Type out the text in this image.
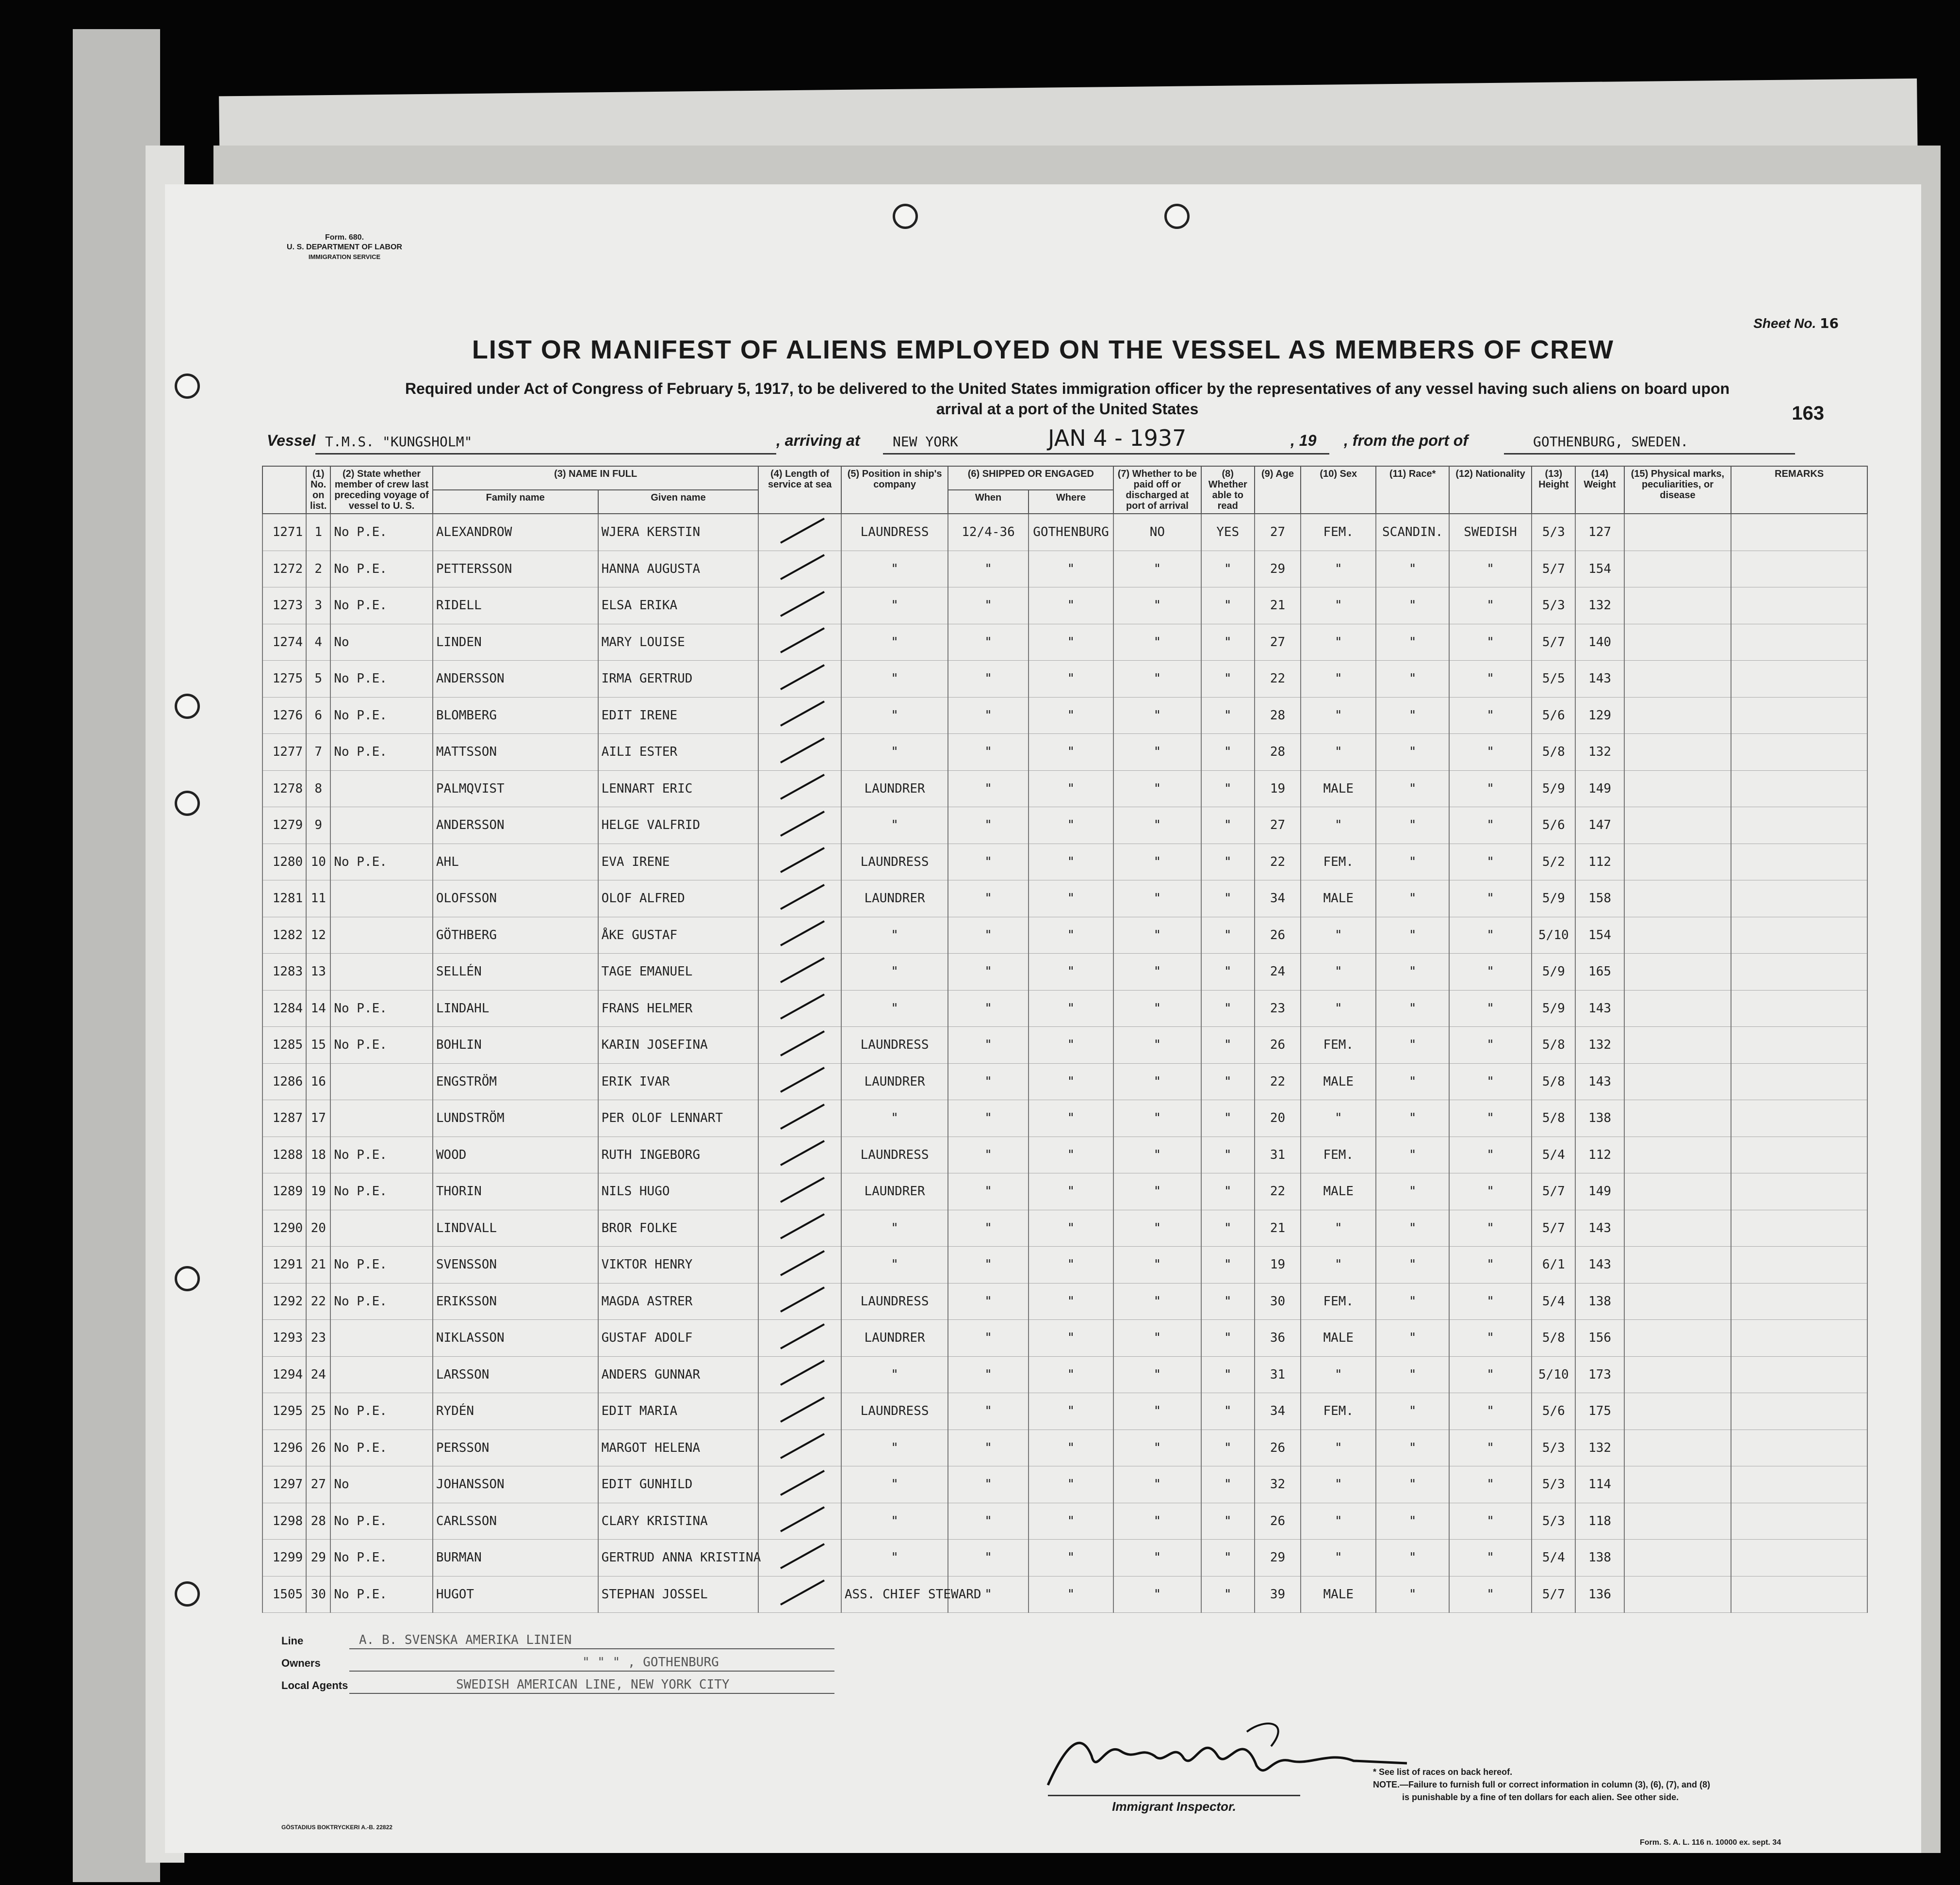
Form. 680.
U. S. DEPARTMENT OF LABOR
IMMIGRATION SERVICE
Sheet No. 16
LIST OR MANIFEST OF ALIENS EMPLOYED ON THE VESSEL AS MEMBERS OF CREW
Required under Act of Congress of February 5, 1917, to be delivered to the United States immigration officer by the representatives of any vessel having such aliens on board upon
arrival at a port of the United States	163
Vessel T.M.S. "KUNGSHOLM"	, arriving at NEW YORK	JAN 4 - 1937	, 19 , from the port of	GOTHENBURG, SWEDEN.
	(1) No. on list.	(2) State whether member of crew last preceding voyage of vessel to U. S.	(3) NAME IN FULL		(4) Length of service at sea	(5) Position in ship's company	(6) SHIPPED OR ENGAGED		(7) Whether to be paid off or discharged at port of arrival	(8) Whether able to read	(9) Age	(10) Sex	(11) Race*	(12) Nationality	(13) Height	(14) Weight	(15) Physical marks, peculiarities, or disease	REMARKS
			Family name	Given name			When	Where										
1271	1	No P.E.	ALEXANDROW	WJERA KERSTIN		LAUNDRESS	12/4-36	GOTHENBURG	NO	YES	27	FEM.	SCANDIN.	SWEDISH	5/3	127		
1272	2	No P.E.	PETTERSSON	HANNA AUGUSTA		"	"	"	"	"	29	"	"	"	5/7	154		
1273	3	No P.E.	RIDELL	ELSA ERIKA		"	"	"	"	"	21	"	"	"	5/3	132		
1274	4	No	LINDEN	MARY LOUISE		"	"	"	"	"	27	"	"	"	5/7	140		
1275	5	No P.E.	ANDERSSON	IRMA GERTRUD		"	"	"	"	"	22	"	"	"	5/5	143		
1276	6	No P.E.	BLOMBERG	EDIT IRENE		"	"	"	"	"	28	"	"	"	5/6	129		
1277	7	No P.E.	MATTSSON	AILI ESTER		"	"	"	"	"	28	"	"	"	5/8	132		
1278	8		PALMQVIST	LENNART ERIC		LAUNDRER	"	"	"	"	19	MALE	"	"	5/9	149		
1279	9		ANDERSSON	HELGE VALFRID		"	"	"	"	"	27	"	"	"	5/6	147		
1280	10	No P.E.	AHL	EVA IRENE		LAUNDRESS	"	"	"	"	22	FEM.	"	"	5/2	112		
1281	11		OLOFSSON	OLOF ALFRED		LAUNDRER	"	"	"	"	34	MALE	"	"	5/9	158		
1282	12		GÖTHBERG	ÅKE GUSTAF		"	"	"	"	"	26	"	"	"	5/10	154		
1283	13		SELLÉN	TAGE EMANUEL		"	"	"	"	"	24	"	"	"	5/9	165		
1284	14	No P.E.	LINDAHL	FRANS HELMER		"	"	"	"	"	23	"	"	"	5/9	143		
1285	15	No P.E.	BOHLIN	KARIN JOSEFINA		LAUNDRESS	"	"	"	"	26	FEM.	"	"	5/8	132		
1286	16		ENGSTRÖM	ERIK IVAR		LAUNDRER	"	"	"	"	22	MALE	"	"	5/8	143		
1287	17		LUNDSTRÖM	PER OLOF LENNART		"	"	"	"	"	20	"	"	"	5/8	138		
1288	18	No P.E.	WOOD	RUTH INGEBORG		LAUNDRESS	"	"	"	"	31	FEM.	"	"	5/4	112		
1289	19	No P.E.	THORIN	NILS HUGO		LAUNDRER	"	"	"	"	22	MALE	"	"	5/7	149		
1290	20		LINDVALL	BROR FOLKE		"	"	"	"	"	21	"	"	"	5/7	143		
1291	21	No P.E.	SVENSSON	VIKTOR HENRY		"	"	"	"	"	19	"	"	"	6/1	143		
1292	22	No P.E.	ERIKSSON	MAGDA ASTRER		LAUNDRESS	"	"	"	"	30	FEM.	"	"	5/4	138		
1293	23		NIKLASSON	GUSTAF ADOLF		LAUNDRER	"	"	"	"	36	MALE	"	"	5/8	156		
1294	24		LARSSON	ANDERS GUNNAR		"	"	"	"	"	31	"	"	"	5/10	173		
1295	25	No P.E.	RYDÉN	EDIT MARIA		LAUNDRESS	"	"	"	"	34	FEM.	"	"	5/6	175		
1296	26	No P.E.	PERSSON	MARGOT HELENA		"	"	"	"	"	26	"	"	"	5/3	132		
1297	27	No	JOHANSSON	EDIT GUNHILD		"	"	"	"	"	32	"	"	"	5/3	114		
1298	28	No P.E.	CARLSSON	CLARY KRISTINA		"	"	"	"	"	26	"	"	"	5/3	118		
1299	29	No P.E.	BURMAN	GERTRUD ANNA KRISTINA		"	"	"	"	"	29	"	"	"	5/4	138		
1505	30	No P.E.	HUGOT	STEPHAN JOSSEL		ASS. CHIEF STEWARD	"	"	"	"	39	MALE	"	"	5/7	136		
Line	A. B. SVENSKA AMERIKA LINIEN
Owners	" " " , GOTHENBURG
Local Agents	SWEDISH AMERICAN LINE, NEW YORK CITY
Immigrant Inspector.
* See list of races on back hereof.
NOTE.—Failure to furnish full or correct information in column (3), (6), (7), and (8)
is punishable by a fine of ten dollars for each alien. See other side.
GÖSTADIUS BOKTRYCKERI A.-B. 22822
Form. S. A. L. 116 n. 10000 ex. sept. 34
